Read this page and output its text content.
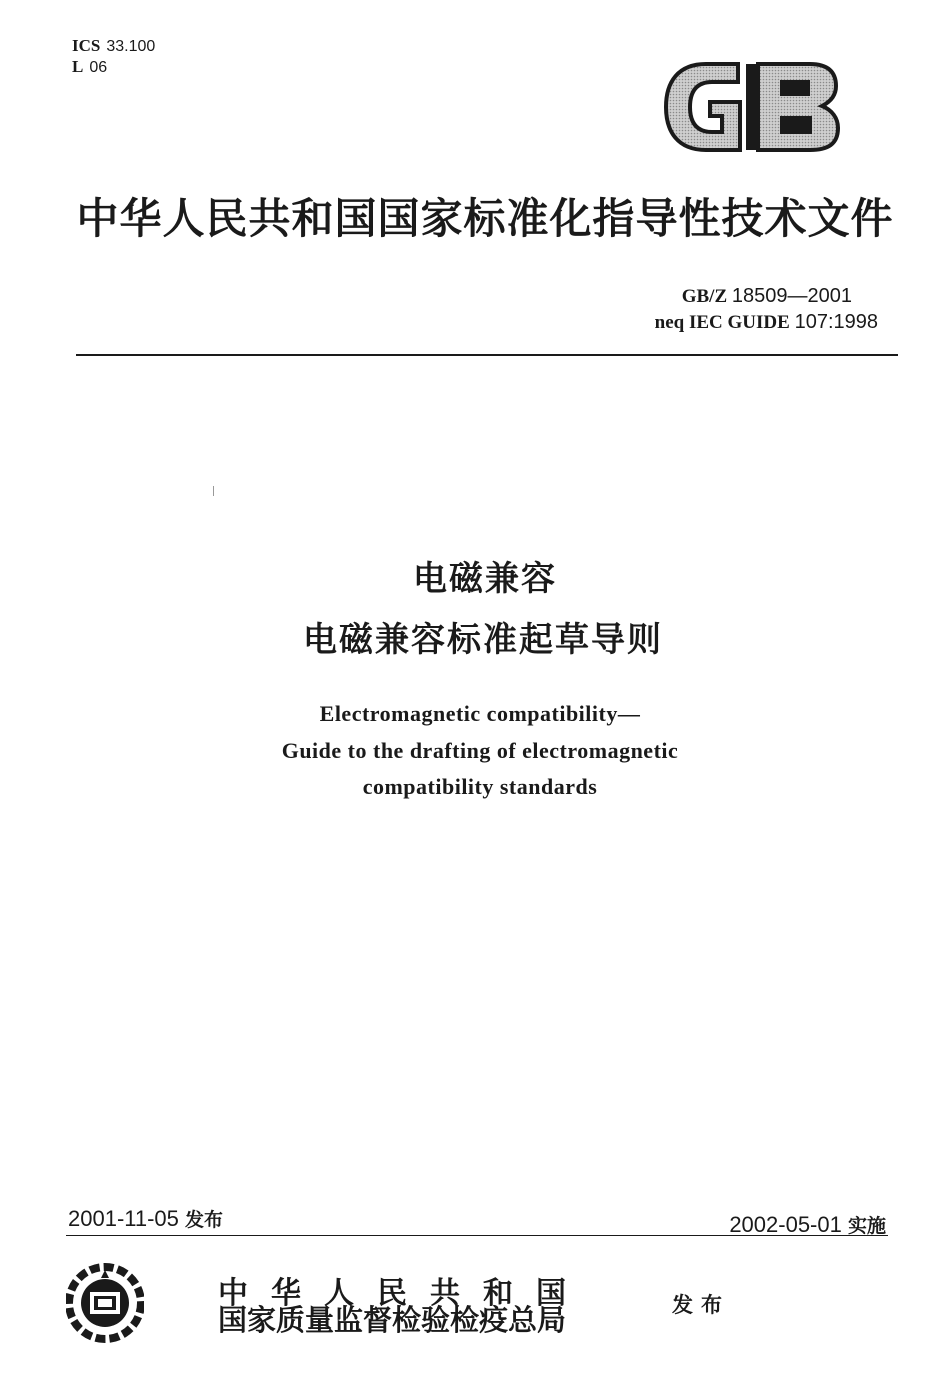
ICS 33.100
L 06
中华人民共和国国家标准化指导性技术文件
GB/Z 18509—2001
neq IEC GUIDE 107:1998
电磁兼容
电磁兼容标准起草导则
Electromagnetic compatibility—
Guide to the drafting of electromagnetic
compatibility standards
2001-11-05 发布	2002-05-01 实施
中华人民共和国
国家质量监督检验检疫总局	发布
